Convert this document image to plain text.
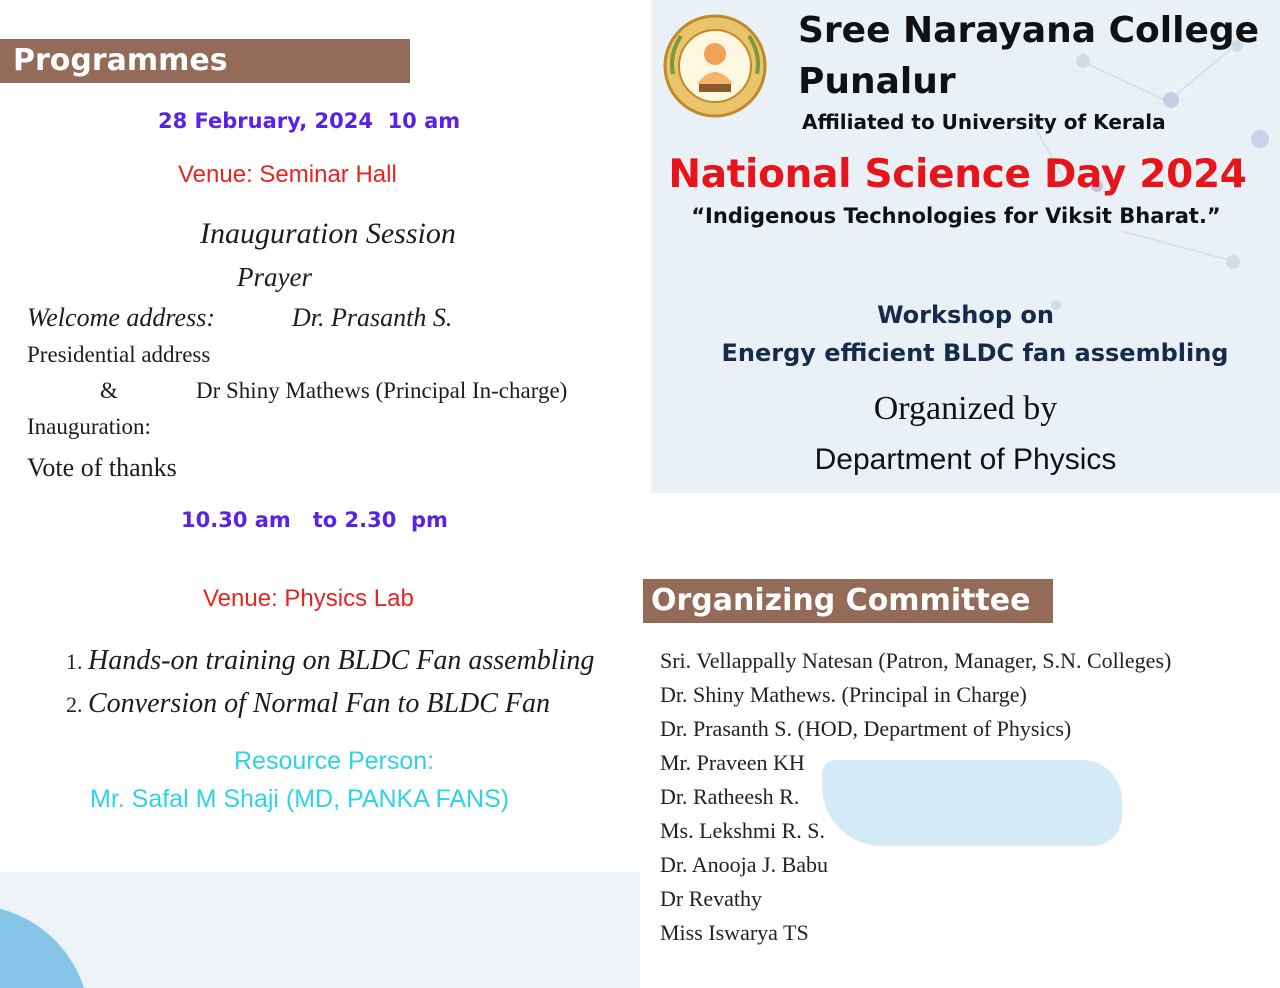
Sree Narayana College
Punalur
Affiliated to University of Kerala
National Science Day 2024
“Indigenous Technologies for Viksit Bharat.”
Workshop on
Energy efficient BLDC fan assembling
Organized by
Department of Physics
Programmes
28 February, 2024 10 am
Venue: Seminar Hall
Inauguration Session
Prayer
Welcome address:	Dr. Prasanth S.
Presidential address
&	Dr Shiny Mathews (Principal In-charge)
Inauguration:
Vote of thanks
10.30 am to 2.30  pm
Venue: Physics Lab
1. Hands-on training on BLDC Fan assembling
2. Conversion of Normal Fan to BLDC Fan
Resource Person:
Mr. Safal M Shaji (MD, PANKA FANS)
Organizing Committee
Sri. Vellappally Natesan (Patron, Manager, S.N. Colleges)
Dr. Shiny Mathews. (Principal in Charge)
Dr. Prasanth S. (HOD, Department of Physics)
Mr. Praveen KH
Dr. Ratheesh R.
Ms. Lekshmi R. S.
Dr. Anooja J. Babu
Dr Revathy
Miss Iswarya TS
